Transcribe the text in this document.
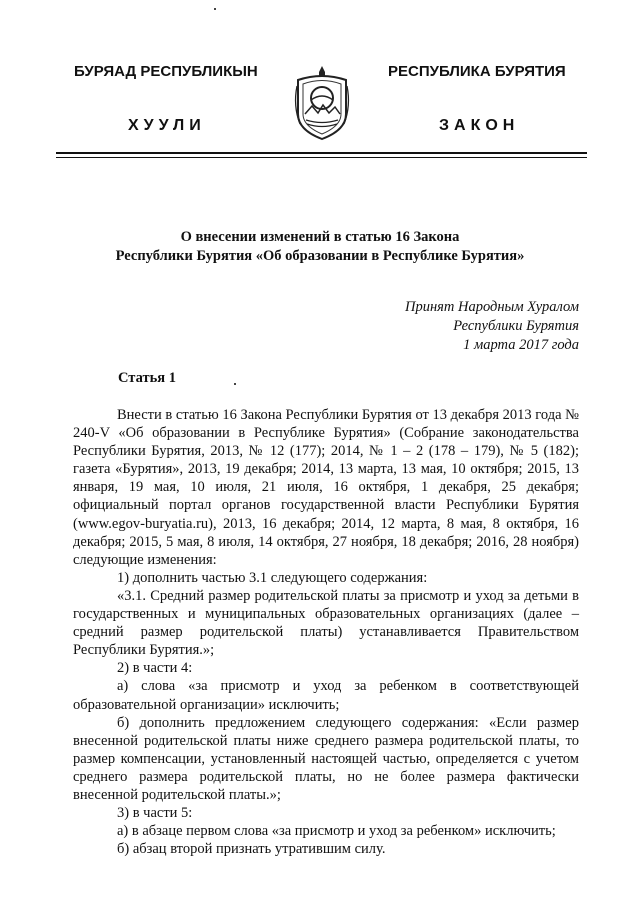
БУРЯАД РЕСПУБЛИКЫН	РЕСПУБЛИКА БУРЯТИЯ
ХУУЛИ	ЗАКОН
О внесении изменений в статью 16 Закона
Республики Бурятия «Об образовании в Республике Бурятия»
Принят Народным Хуралом
Республики Бурятия
1 марта 2017 года
Статья 1

Внести в статью 16 Закона Республики Бурятия от 13 декабря 2013 года № 240-V «Об образовании в Республике Бурятия» (Собрание законодательства Республики Бурятия, 2013, № 12 (177); 2014, № 1 – 2 (178 – 179), № 5 (182); газета «Бурятия», 2013, 19 декабря; 2014, 13 марта, 13 мая, 10 октября; 2015, 13 января, 19 мая, 10 июля, 21 июля, 16 октября, 1 декабря, 25 декабря; официальный портал органов государственной власти Республики Бурятия (www.egov-buryatia.ru), 2013, 16 декабря; 2014, 12 марта, 8 мая, 8 октября, 16 декабря; 2015, 5 мая, 8 июля, 14 октября, 27 ноября, 18 декабря; 2016, 28 ноября) следующие изменения:

1) дополнить частью 3.1 следующего содержания:

«3.1. Средний размер родительской платы за присмотр и уход за детьми в государственных и муниципальных образовательных организациях (далее – средний размер родительской платы) устанавливается Правительством Республики Бурятия.»;

2) в части 4:

а) слова «за присмотр и уход за ребенком в соответствующей образовательной организации» исключить;

б) дополнить предложением следующего содержания: «Если размер внесенной родительской платы ниже среднего размера родительской платы, то размер компенсации, установленный настоящей частью, определяется с учетом среднего размера родительской платы, но не более размера фактически внесенной родительской платы.»;

3) в части 5:

а) в абзаце первом слова «за присмотр и уход за ребенком» исключить;

б) абзац второй признать утратившим силу.
